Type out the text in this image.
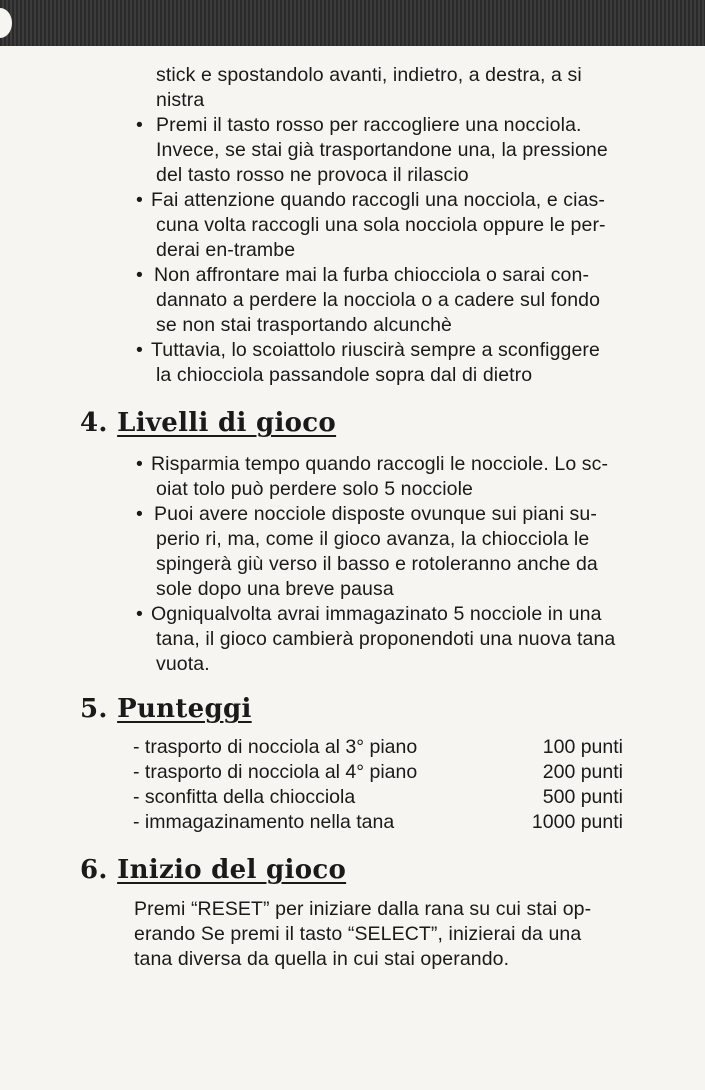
stick e spostandolo avanti, indietro, a destra, a si

nistra

• Premi il tasto rosso per raccogliere una nocciola.

Invece, se stai già trasportandone una, la pressione

del tasto rosso ne provoca il rilascio

• Fai attenzione quando raccogli una nocciola, e cias-

cuna volta raccogli una sola nocciola oppure le per-

derai en-trambe

• Non affrontare mai la furba chiocciola o sarai con-

dannato a perdere la nocciola o a cadere sul fondo

se non stai trasportando alcunchè

• Tuttavia, lo scoiattolo riuscirà sempre a sconfiggere

la chiocciola passandole sopra dal di dietro

4. Livelli di gioco
• Risparmia tempo quando raccogli le nocciole. Lo sc-

oiat tolo può perdere solo 5 nocciole

• Puoi avere nocciole disposte ovunque sui piani su-

perio ri, ma, come il gioco avanza, la chiocciola le

spingerà giù verso il basso e rotoleranno anche da

sole dopo una breve pausa

• Ogniqualvolta avrai immagazinato 5 nocciole in una

tana, il gioco cambierà proponendoti una nuova tana

vuota.

5. Punteggi
- trasporto di nocciola al 3° piano	100 punti
- trasporto di nocciola al 4° piano	200 punti
- sconfitta della chiocciola	500 punti
- immagazinamento nella tana	1000 punti
6. Inizio del gioco

Premi “RESET” per iniziare dalla rana su cui stai op-

erando Se premi il tasto “SELECT”, inizierai da una

tana diversa da quella in cui stai operando.
